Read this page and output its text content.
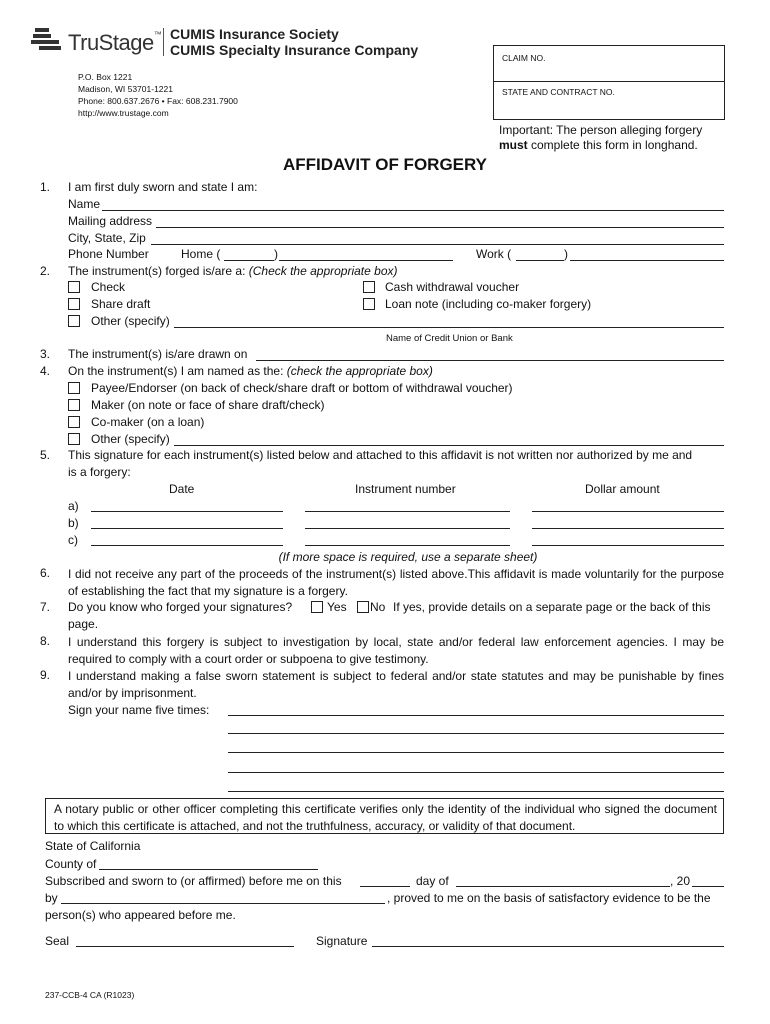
TruStage™ CUMIS Insurance Society
CUMIS Specialty Insurance Company
P.O. Box 1221
Madison, WI 53701-1221
Phone: 800.637.2676 • Fax: 608.231.7900
http://www.trustage.com
CLAIM NO.
STATE AND CONTRACT NO.
Important: The person alleging forgery
must complete this form in longhand.
AFFIDAVIT OF FORGERY
1. I am first duly sworn and state I am:
Name
Mailing address
City, State, Zip
Phone Number	Home (	)	Work (	)
2. The instrument(s) forged is/are a: (Check the appropriate box)
Check
Share draft
Other (specify)
Cash withdrawal voucher
Loan note (including co-maker forgery)
Name of Credit Union or Bank
3. The instrument(s) is/are drawn on
4. On the instrument(s) I am named as the: (check the appropriate box)
Payee/Endorser (on back of check/share draft or bottom of withdrawal voucher)
Maker (on note or face of share draft/check)
Co-maker (on a loan)
Other (specify)
5. This signature for each instrument(s) listed below and attached to this affidavit is not written nor authorized by me and
is a forgery:
Date	Instrument number	Dollar amount
a)
b)
c)
(If more space is required, use a separate sheet)
6. I did not receive any part of the proceeds of the instrument(s) listed above.This affidavit is made voluntarily for the purpose of establishing the fact that my signature is a forgery.
7. Do you know who forged your signatures?	Yes No If yes, provide details on a separate page or the back of this
page.
8. I understand this forgery is subject to investigation by local, state and/or federal law enforcement agencies. I may be required to comply with a court order or subpoena to give testimony.
9. I understand making a false sworn statement is subject to federal and/or state statutes and may be punishable by fines and/or by imprisonment.
Sign your name five times:
A notary public or other officer completing this certificate verifies only the identity of the individual who signed the document to which this certificate is attached, and not the truthfulness, accuracy, or validity of that document.
State of California
County of
Subscribed and sworn to (or affirmed) before me on this	day of	, 20
by	, proved to me on the basis of satisfactory evidence to be the
person(s) who appeared before me.
Seal	Signature
237-CCB-4 CA (R1023)
